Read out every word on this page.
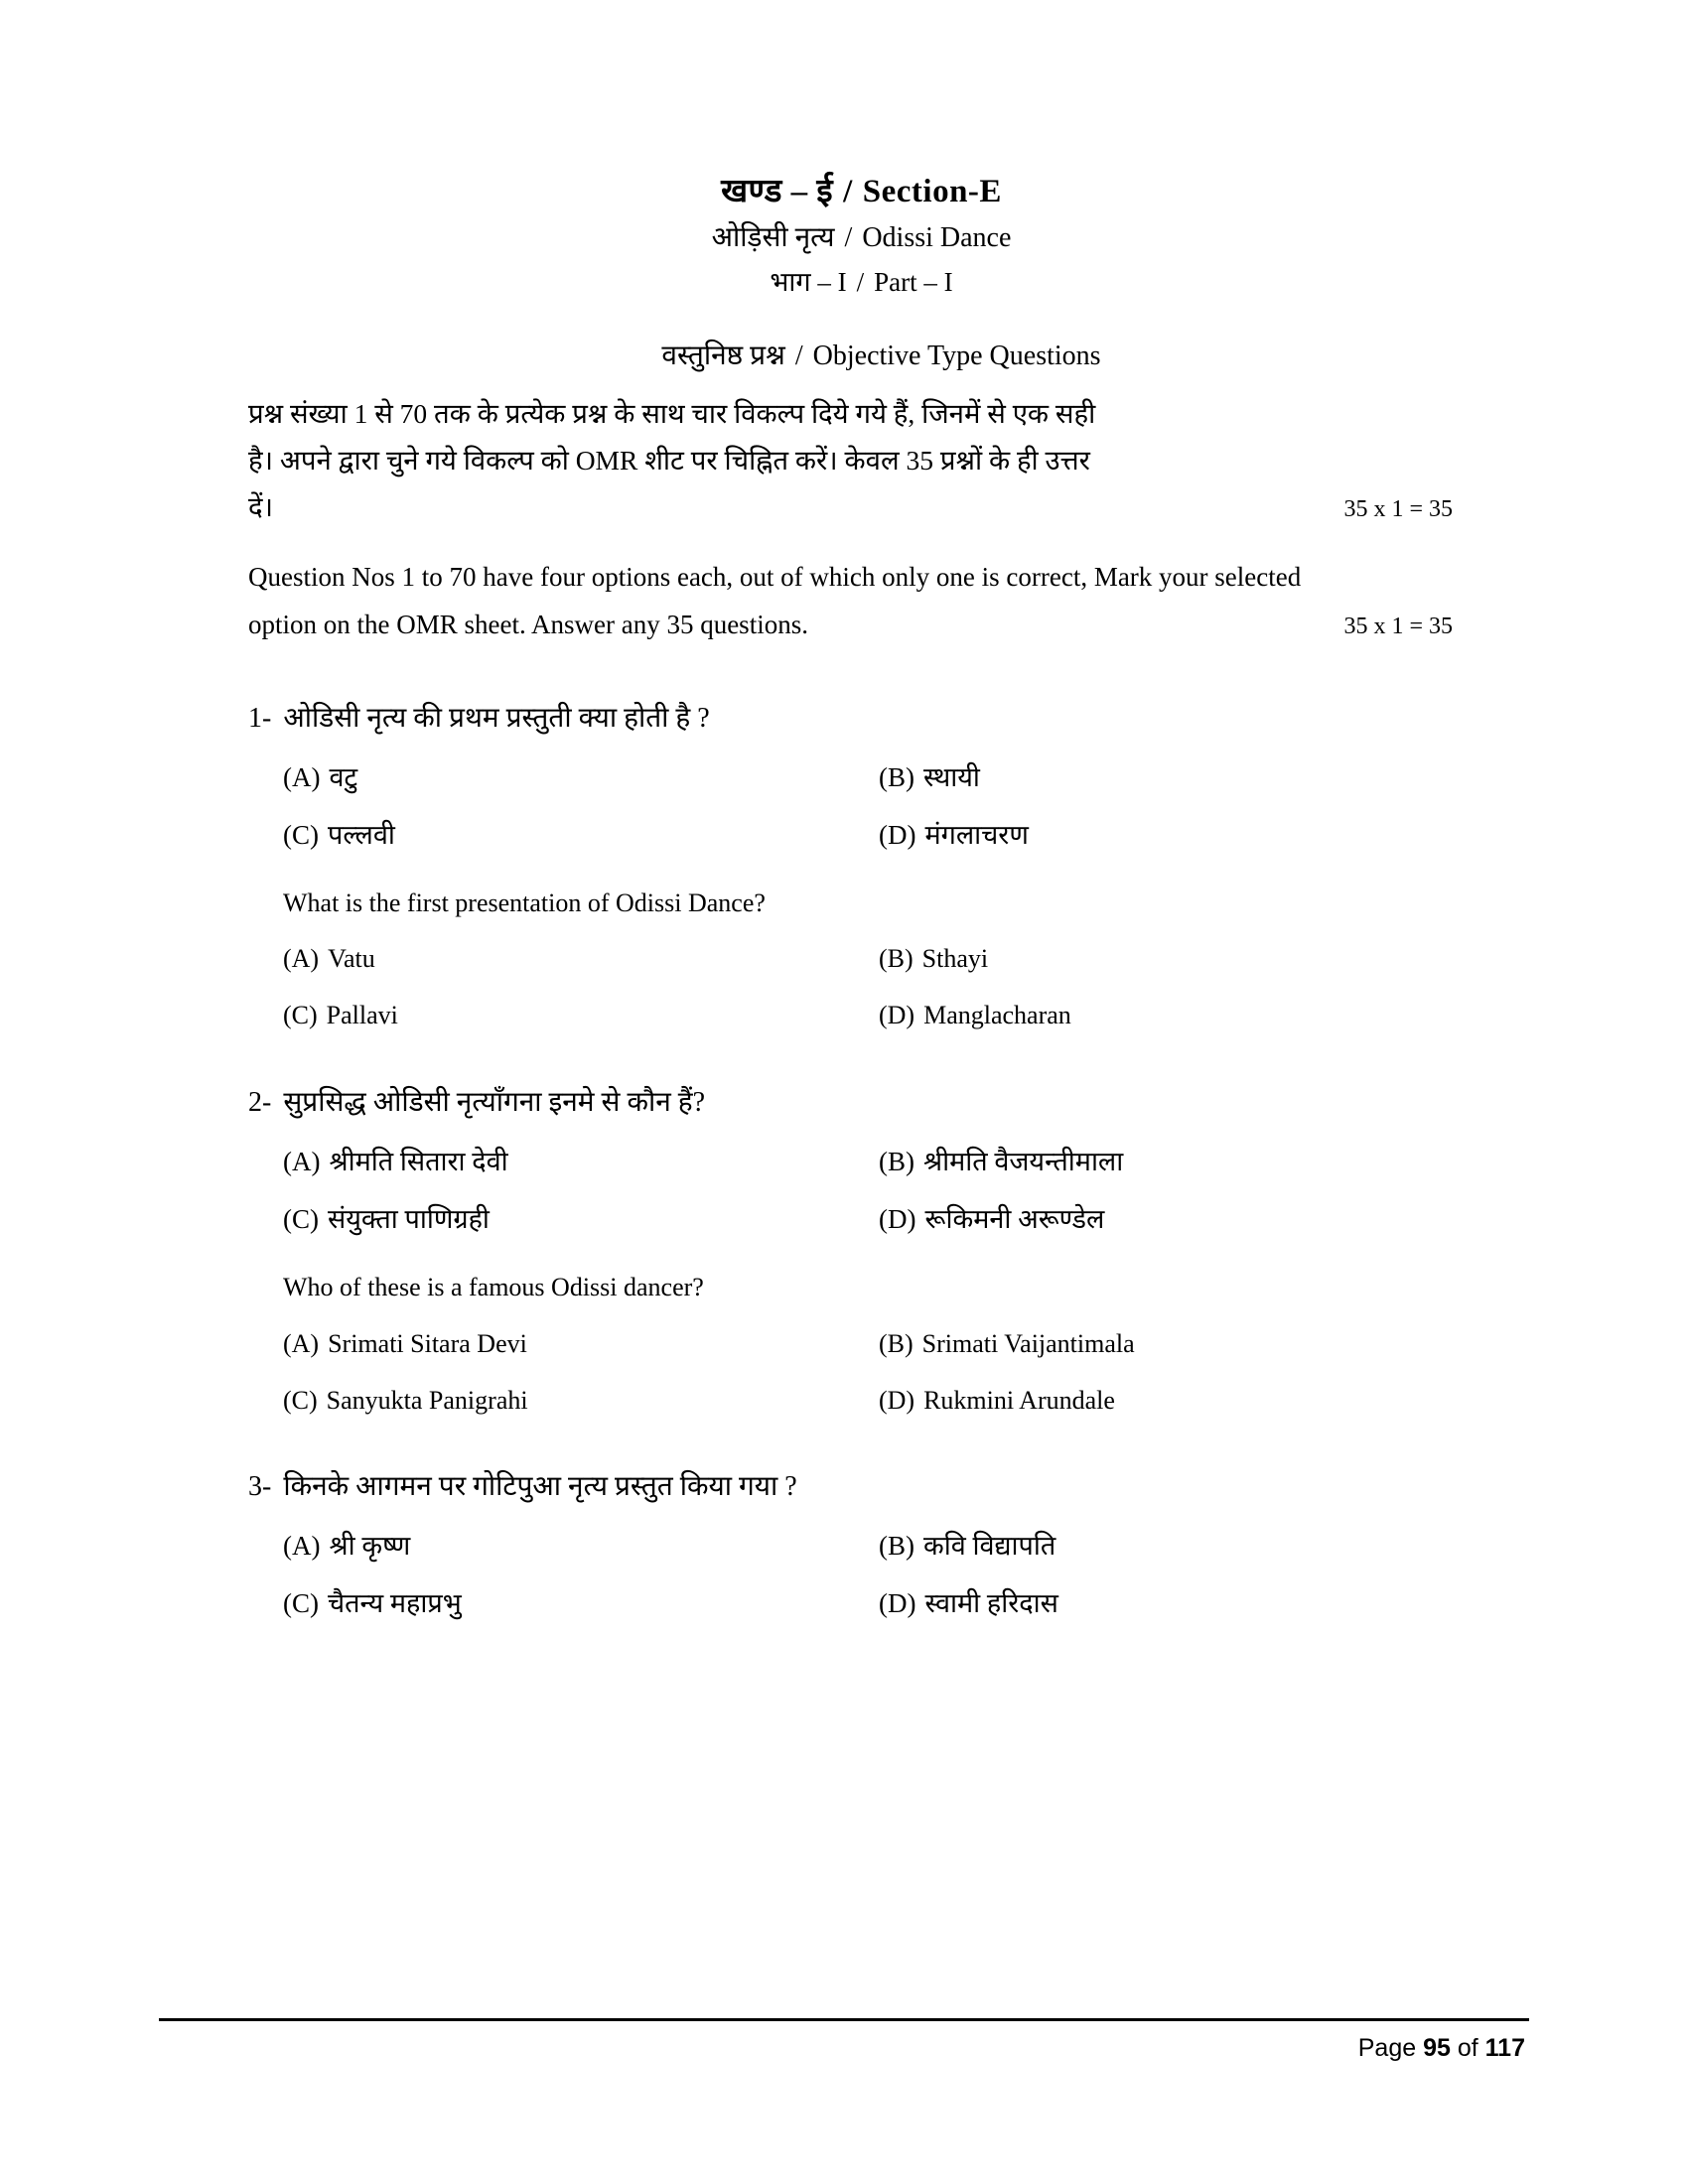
खण्ड – ई / Section-E
ओड़िसी नृत्य / Odissi Dance
भाग – I / Part – I
वस्तुनिष्ठ प्रश्न / Objective Type Questions
प्रश्न संख्या 1 से 70 तक के प्रत्येक प्रश्न के साथ चार विकल्प दिये गये हैं, जिनमें से एक सही
है। अपने द्वारा चुने गये विकल्प को OMR शीट पर चिह्नित करें। केवल 35 प्रश्नों के ही उत्तर
दें।	35 x 1 = 35
Question Nos 1 to 70 have four options each, out of which only one is correct, Mark your selected
option on the OMR sheet. Answer any 35 questions.	35 x 1 = 35
1- ओडिसी नृत्य की प्रथम प्रस्तुती क्या होती है ?
(A) वटु	(B) स्थायी
(C) पल्लवी	(D) मंगलाचरण
What is the first presentation of Odissi Dance?
(A) Vatu	(B) Sthayi
(C) Pallavi	(D) Manglacharan
2- सुप्रसिद्ध ओडिसी नृत्याँगना इनमे से कौन हैं?
(A) श्रीमति सितारा देवी	(B) श्रीमति वैजयन्तीमाला
(C) संयुक्ता पाणिग्रही	(D) रूकिमनी अरूण्डेल
Who of these is a famous Odissi dancer?
(A) Srimati Sitara Devi	(B) Srimati Vaijantimala
(C) Sanyukta Panigrahi	(D) Rukmini Arundale
3- किनके आगमन पर गोटिपुआ नृत्य प्रस्तुत किया गया ?
(A) श्री कृष्ण	(B) कवि विद्यापति
(C) चैतन्य महाप्रभु	(D) स्वामी हरिदास
Page 95 of 117
